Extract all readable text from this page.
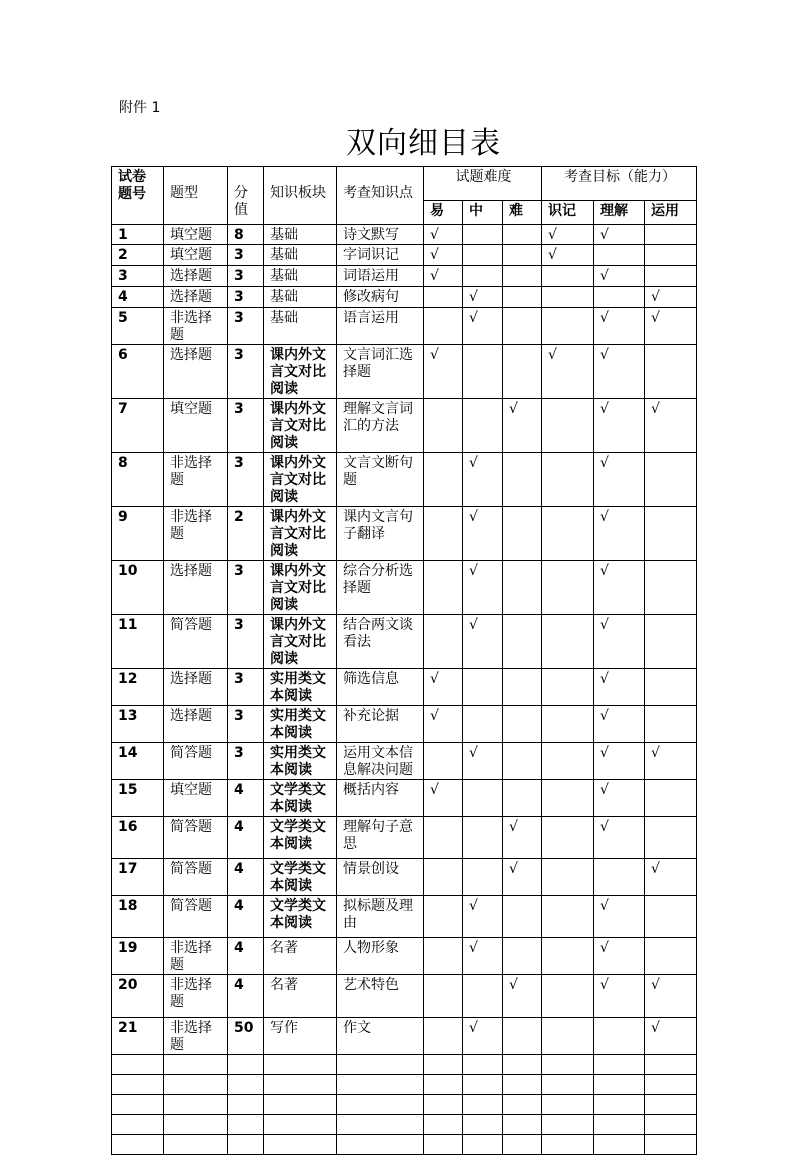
附件 1
双向细目表
试卷题号	题型	分值	知识板块	考查知识点	试题难度			考查目标（能力）		
					易	中	难	识记	理解	运用
1	填空题	8	基础	诗文默写	√			√	√	
2	填空题	3	基础	字词识记	√			√		
3	选择题	3	基础	词语运用	√				√	
4	选择题	3	基础	修改病句		√				√
5	非选择题	3	基础	语言运用		√			√	√
6	选择题	3	课内外文言文对比阅读	文言词汇选择题	√			√	√	
7	填空题	3	课内外文言文对比阅读	理解文言词汇的方法			√		√	√
8	非选择题	3	课内外文言文对比阅读	文言文断句题		√			√	
9	非选择题	2	课内外文言文对比阅读	课内文言句子翻译		√			√	
10	选择题	3	课内外文言文对比阅读	综合分析选择题		√			√	
11	简答题	3	课内外文言文对比阅读	结合两文谈看法		√			√	
12	选择题	3	实用类文本阅读	筛选信息	√				√	
13	选择题	3	实用类文本阅读	补充论据	√				√	
14	简答题	3	实用类文本阅读	运用文本信息解决问题		√			√	√
15	填空题	4	文学类文本阅读	概括内容	√				√	
16	简答题	4	文学类文本阅读	理解句子意思			√		√	
17	简答题	4	文学类文本阅读	情景创设			√			√
18	简答题	4	文学类文本阅读	拟标题及理由		√			√	
19	非选择题	4	名著	人物形象		√			√	
20	非选择题	4	名著	艺术特色			√		√	√
21	非选择题	50	写作	作文		√				√
